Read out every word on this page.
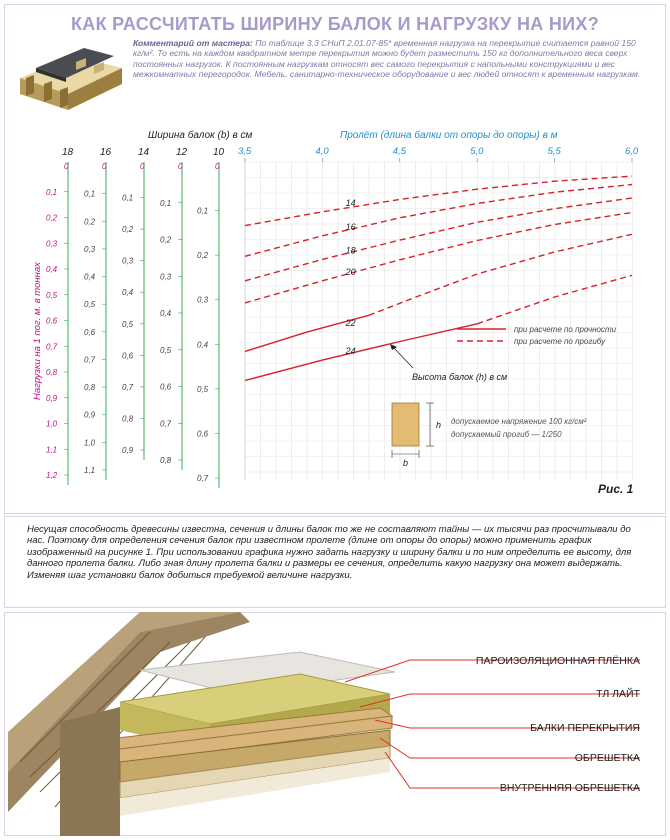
КАК РАССЧИТАТЬ ШИРИНУ БАЛОК И НАГРУЗКУ НА НИХ?

Комментарий от мастера: По таблице 3.3 СНиП 2.01.07-85* временная нагрузка на перекрытие считается равной 150 кг/м². То есть на каждом квадратном метре перекрытия можно будет разместить 150 кг дополнительного веса сверх постоянных нагрузок. К постоянным нагрузкам относят вес самого перекрытия с напольными конструкциями и вес межкомнатных перегородок. Мебель, санитарно-техническое оборудование и вес людей относят к временным нагрузкам.

18
0
0,1
0,2
0,3
0,4
0,5
0,6
0,7
0,8
0,9
1,0
1,1
1,2
16
0
0,1
0,2
0,3
0,4
0,5
0,6
0,7
0,8
0,9
1,0
1,1
14
0
0,1
0,2
0,3
0,4
0,5
0,6
0,7
0,8
0,9
12
0
0,1
0,2
0,3
0,4
0,5
0,6
0,7
0,8
10
0
0,1
0,2
0,3
0,4
0,5
0,6
0,7
3,5	4,0	4,5	5,0	5,5	6,0
14
16
18
20
22
24
Ширина балок (b) в см	Пролёт (длина балки от опоры до опоры) в м
Нагрузки на 1 пог. м. в тоннах	при расчете по прочности
при расчете по прогибу
Высота балок (h) в см
h
b
допускаемое напряжение 100 кг/см²
допускаемый прогиб — 1/250
Рис. 1

Несущая способность древесины известна, сечения и длины балок то же не составляют тайны — их тысячи раз просчитывали до нас. Поэтому для определения сечения балок при известном пролете (длине от опоры до опоры) можно применить график изображенный на рисунке 1. При использовании графика нужно задать нагрузку и ширину балки и по ним определить ее высоту, для данного пролета балки. Либо зная длину пролета балки и размеры ее сечения, определить какую нагрузку она может выдержать. Изменяя шаг установки балок добиться требуемой величине нагрузки.

ПАРОИЗОЛЯЦИОННАЯ ПЛЁНКА
ТЛ ЛАЙТ
БАЛКИ ПЕРЕКРЫТИЯ
ОБРЕШЕТКА
ВНУТРЕННЯЯ ОБРЕШЕТКА
